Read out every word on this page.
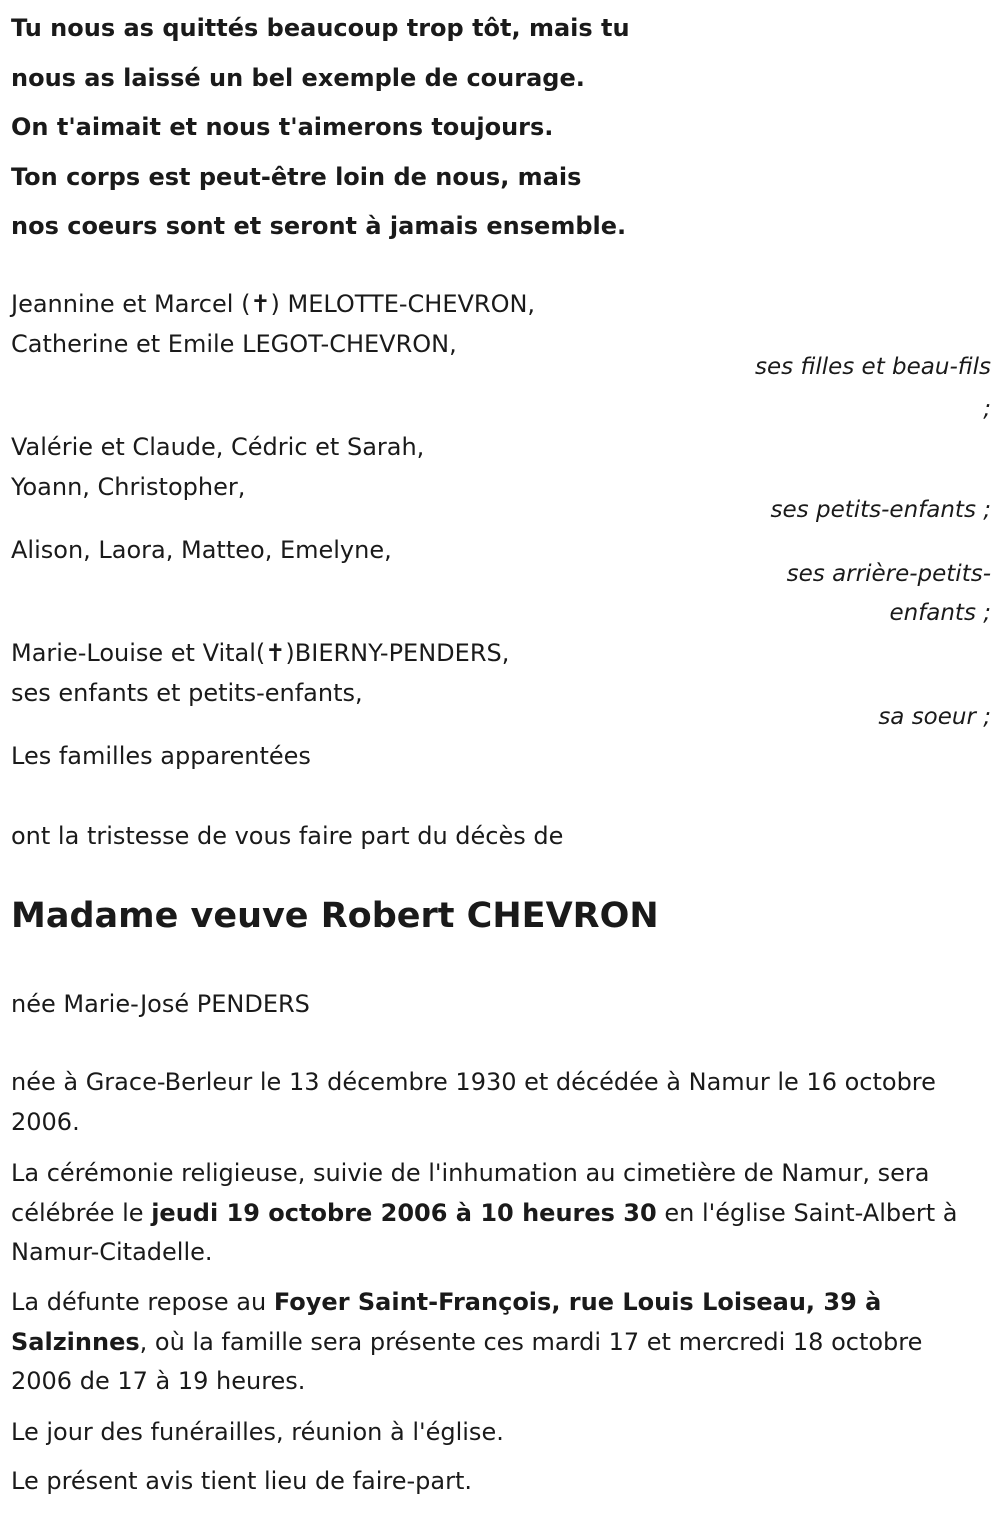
Tu nous as quittés beaucoup trop tôt, mais tu
nous as laissé un bel exemple de courage.
On t'aimait et nous t'aimerons toujours.
Ton corps est peut-être loin de nous, mais
nos coeurs sont et seront à jamais ensemble.
Jeannine et Marcel (✝) MELOTTE-CHEVRON,
Catherine et Emile LEGOT-CHEVRON,
ses filles et beau-fils
;
Valérie et Claude, Cédric et Sarah,
Yoann, Christopher,
ses petits-enfants ;
Alison, Laora, Matteo, Emelyne,
ses arrière-petits-
enfants ;
Marie-Louise et Vital(✝)BIERNY-PENDERS,
ses enfants et petits-enfants,
sa soeur ;
Les familles apparentées
ont la tristesse de vous faire part du décès de
Madame veuve Robert CHEVRON
née Marie-José PENDERS
née à Grace-Berleur le 13 décembre 1930 et décédée à Namur le 16 octobre 2006.
La cérémonie religieuse, suivie de l'inhumation au cimetière de Namur, sera célébrée le jeudi 19 octobre 2006 à 10 heures 30 en l'église Saint-Albert à Namur-Citadelle.
La défunte repose au Foyer Saint-François, rue Louis Loiseau, 39 à Salzinnes, où la famille sera présente ces mardi 17 et mercredi 18 octobre 2006 de 17 à 19 heures.
Le jour des funérailles, réunion à l'église.
Le présent avis tient lieu de faire-part.
